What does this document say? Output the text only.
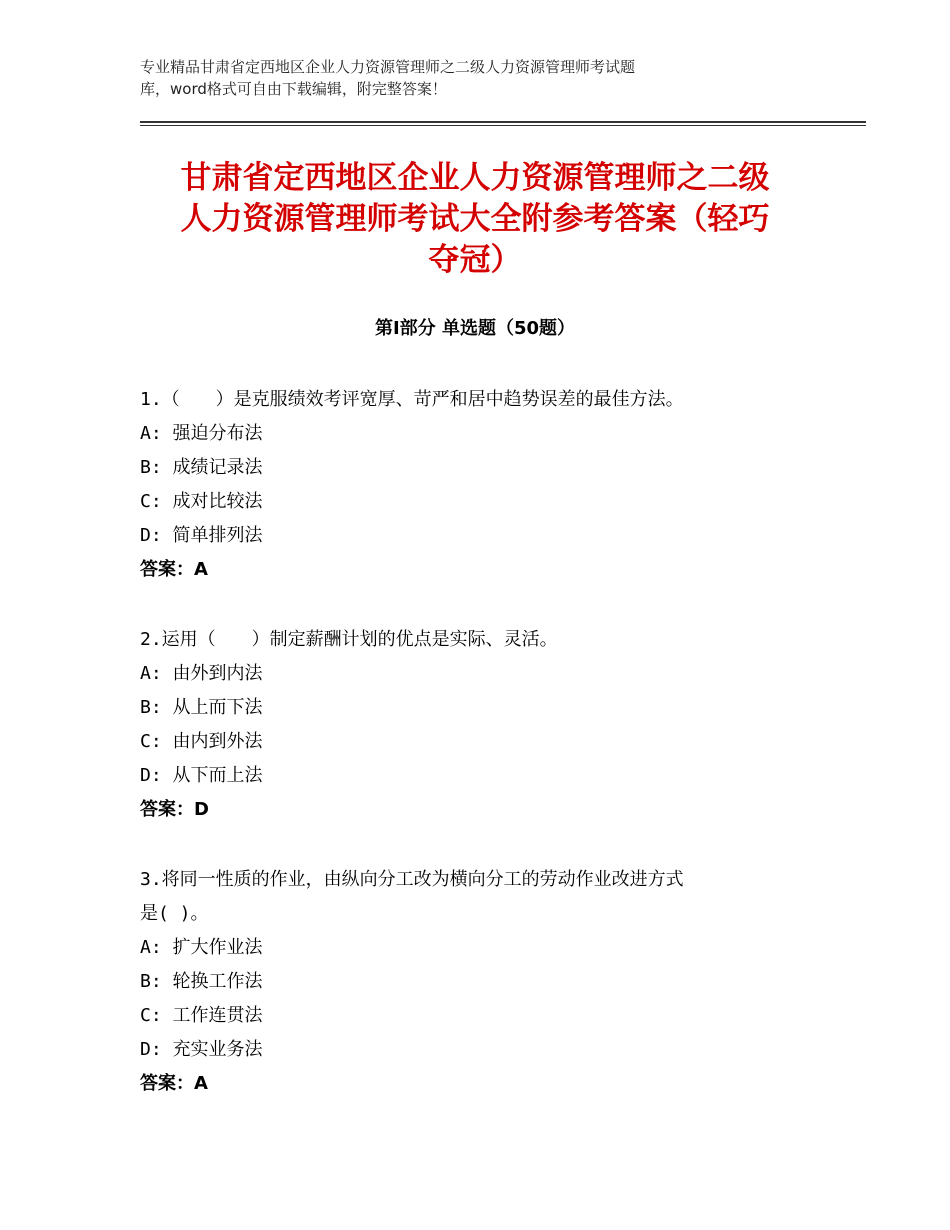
专业精品甘肃省定西地区企业人力资源管理师之二级人力资源管理师考试题
库，word格式可自由下载编辑，附完整答案！
甘肃省定西地区企业人力资源管理师之二级
人力资源管理师考试大全附参考答案（轻巧
夺冠）
第Ⅰ部分 单选题（50题）
1.（　　）是克服绩效考评宽厚、苛严和居中趋势误差的最佳方法。
A: 强迫分布法
B: 成绩记录法
C: 成对比较法
D: 简单排列法
答案：A
2.运用（　　）制定薪酬计划的优点是实际、灵活。
A: 由外到内法
B: 从上而下法
C: 由内到外法
D: 从下而上法
答案：D
3.将同一性质的作业，由纵向分工改为横向分工的劳动作业改进方式
是( )。
A: 扩大作业法
B: 轮换工作法
C: 工作连贯法
D: 充实业务法
答案：A
